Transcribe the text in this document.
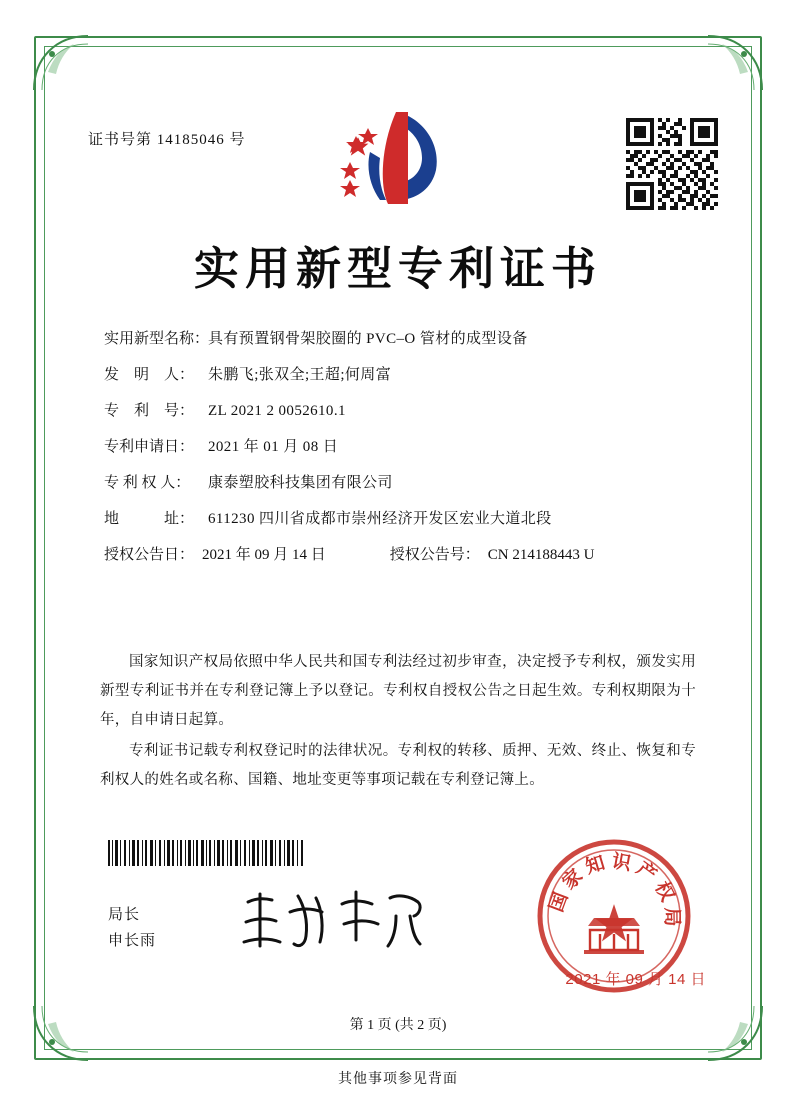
证书号第 14185046 号
实用新型专利证书
实用新型名称：
具有预置钢骨架胶圈的 PVC–O 管材的成型设备
发　明　人： 朱鹏飞;张双全;王超;何周富
专　利　号： ZL 2021 2 0052610.1
专利申请日： 2021 年 01 月 08 日
专 利 权 人：	康泰塑胶科技集团有限公司
地　　　址： 611230 四川省成都市崇州经济开发区宏业大道北段
授权公告日： 2021 年 09 月 14 日	授权公告号： CN 214188443 U

国家知识产权局依照中华人民共和国专利法经过初步审查，决定授予专利权，颁发实用新型专利证书并在专利登记簿上予以登记。专利权自授权公告之日起生效。专利权期限为十年，自申请日起算。

专利证书记载专利权登记时的法律状况。专利权的转移、质押、无效、终止、恢复和专利权人的姓名或名称、国籍、地址变更等事项记载在专利登记簿上。

局长
申长雨
国家知识产权局
2021 年 09 月 14 日
第 1 页 (共 2 页)
其他事项参见背面
